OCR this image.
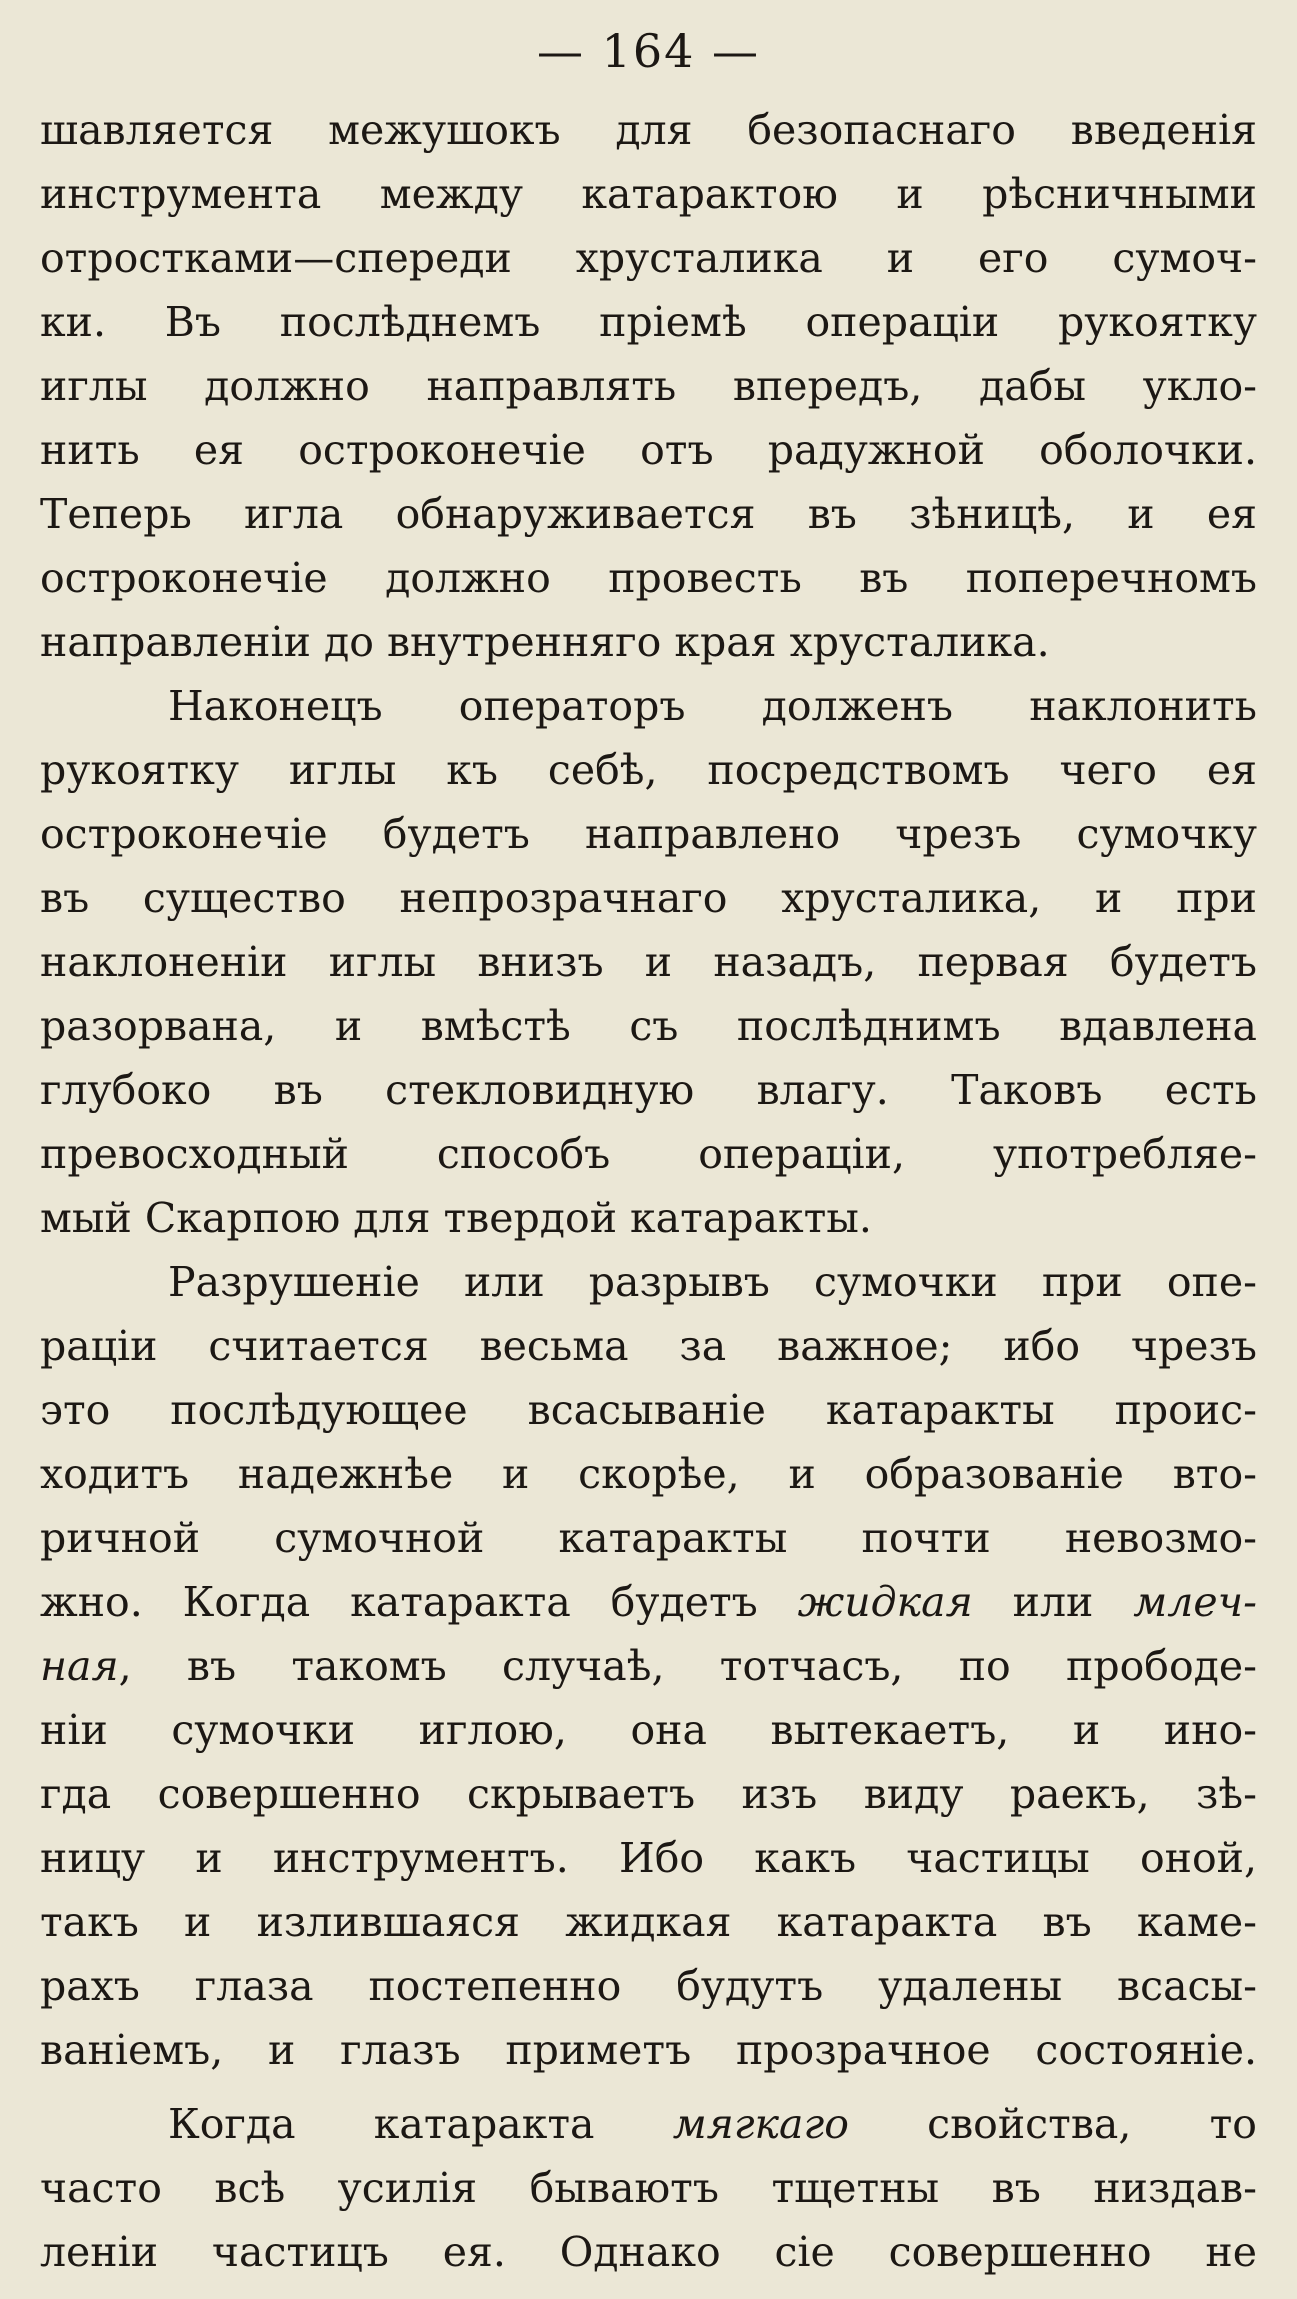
— 164 —
шавляется межушокъ для безопаснаго введенія
инструмента между катарактою и рѣсничными
отростками—спереди хрусталика и его сумоч-
ки. Въ послѣднемъ пріемѣ операціи рукоятку
иглы должно направлять впередъ, дабы укло-
нить ея остроконечіе отъ радужной оболочки.
Теперь игла обнаруживается въ зѣницѣ, и ея
остроконечіе должно провесть въ поперечномъ
направленіи до внутренняго края хрусталика.
Наконецъ операторъ долженъ наклонить
рукоятку иглы къ себѣ, посредствомъ чего ея
остроконечіе будетъ направлено чрезъ сумочку
въ существо непрозрачнаго хрусталика, и при
наклоненіи иглы внизъ и назадъ, первая будетъ
разорвана, и вмѣстѣ съ послѣднимъ вдавлена
глубоко въ стекловидную влагу. Таковъ есть
превосходный способъ операціи, употребляе-
мый Скарпою для твердой катаракты.
Разрушеніе или разрывъ сумочки при опе-
раціи считается весьма за важное; ибо чрезъ
это послѣдующее всасываніе катаракты проис-
ходитъ надежнѣе и скорѣе, и образованіе вто-
ричной сумочной катаракты почти невозмо-
жно. Когда катаракта будетъ жидкая или млеч-
ная, въ такомъ случаѣ, тотчасъ, по прободе-
ніи сумочки иглою, она вытекаетъ, и ино-
гда совершенно скрываетъ изъ виду раекъ, зѣ-
ницу и инструментъ. Ибо какъ частицы оной,
такъ и излившаяся жидкая катаракта въ каме-
рахъ глаза постепенно будутъ удалены всасы-
ваніемъ, и глазъ приметъ прозрачное состояніе.
Когда катаракта мягкаго свойства, то
часто всѣ усилія бываютъ тщетны въ низдав-
леніи частицъ ея. Однако сіе совершенно не
